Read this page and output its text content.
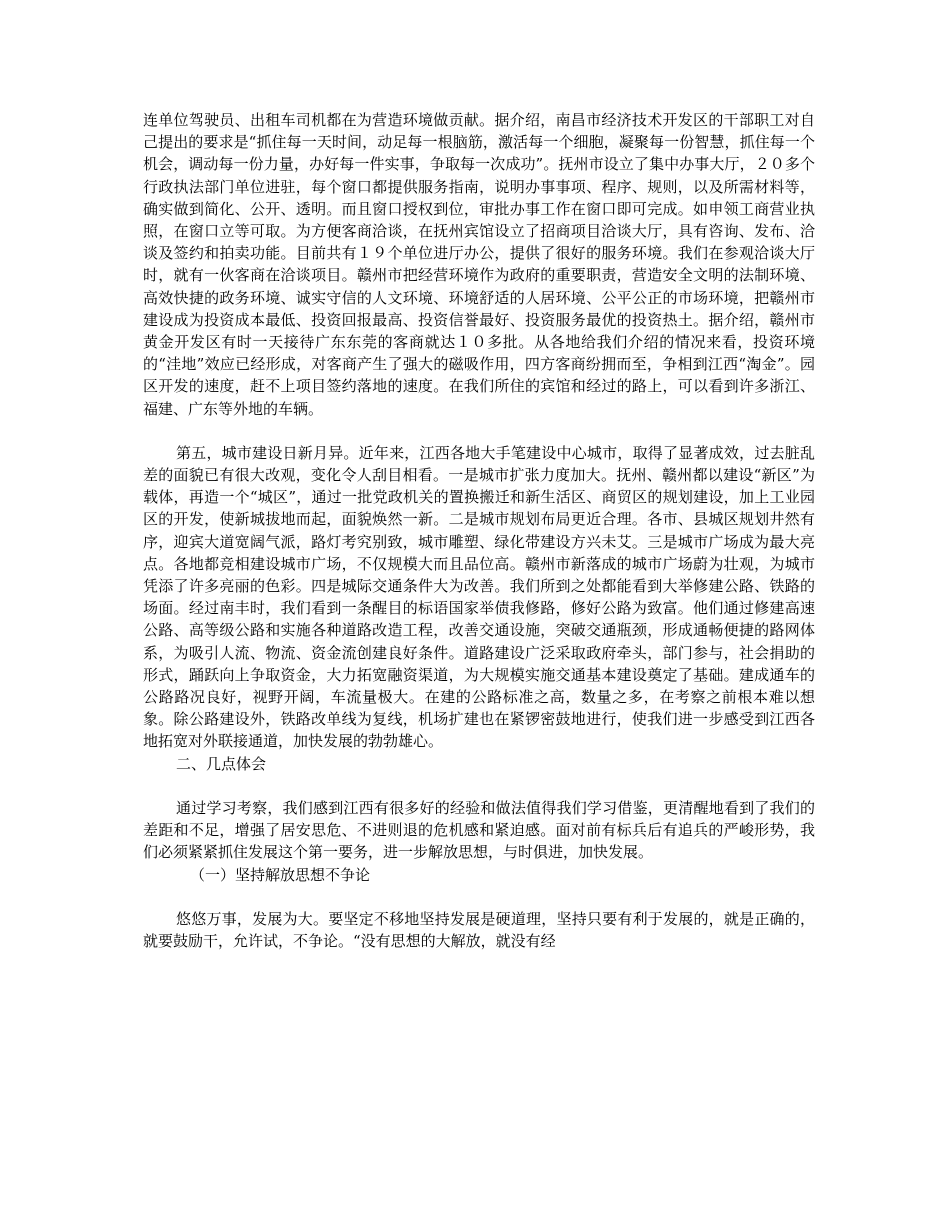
连单位驾驶员、出租车司机都在为营造环境做贡献。据介绍，南昌市经济技术开发区的干部职工对自己提出的要求是“抓住每一天时间，动足每一根脑筋，激活每一个细胞，凝聚每一份智慧，抓住每一个机会，调动每一份力量，办好每一件实事，争取每一次成功”。抚州市设立了集中办事大厅，２０多个行政执法部门单位进驻，每个窗口都提供服务指南，说明办事事项、程序、规则，以及所需材料等，确实做到简化、公开、透明。而且窗口授权到位，审批办事工作在窗口即可完成。如申领工商营业执照，在窗口立等可取。为方便客商洽谈，在抚州宾馆设立了招商项目洽谈大厅，具有咨询、发布、洽谈及签约和拍卖功能。目前共有１９个单位进厅办公，提供了很好的服务环境。我们在参观洽谈大厅时，就有一伙客商在洽谈项目。赣州市把经营环境作为政府的重要职责，营造安全文明的法制环境、高效快捷的政务环境、诚实守信的人文环境、环境舒适的人居环境、公平公正的市场环境，把赣州市建设成为投资成本最低、投资回报最高、投资信誉最好、投资服务最优的投资热土。据介绍，赣州市黄金开发区有时一天接待广东东莞的客商就达１０多批。从各地给我们介绍的情况来看，投资环境的“洼地”效应已经形成，对客商产生了强大的磁吸作用，四方客商纷拥而至，争相到江西“淘金”。园区开发的速度，赶不上项目签约落地的速度。在我们所住的宾馆和经过的路上，可以看到许多浙江、福建、广东等外地的车辆。

第五，城市建设日新月异。近年来，江西各地大手笔建设中心城市，取得了显著成效，过去脏乱差的面貌已有很大改观，变化令人刮目相看。一是城市扩张力度加大。抚州、赣州都以建设“新区”为载体，再造一个“城区”，通过一批党政机关的置换搬迁和新生活区、商贸区的规划建设，加上工业园区的开发，使新城拔地而起，面貌焕然一新。二是城市规划布局更近合理。各市、县城区规划井然有序，迎宾大道宽阔气派，路灯考究别致，城市雕塑、绿化带建设方兴未艾。三是城市广场成为最大亮点。各地都竞相建设城市广场，不仅规模大而且品位高。赣州市新落成的城市广场蔚为壮观，为城市凭添了许多亮丽的色彩。四是城际交通条件大为改善。我们所到之处都能看到大举修建公路、铁路的场面。经过南丰时，我们看到一条醒目的标语国家举债我修路，修好公路为致富。他们通过修建高速公路、高等级公路和实施各种道路改造工程，改善交通设施，突破交通瓶颈，形成通畅便捷的路网体系，为吸引人流、物流、资金流创建良好条件。道路建设广泛采取政府牵头，部门参与，社会捐助的形式，踊跃向上争取资金，大力拓宽融资渠道，为大规模实施交通基本建设奠定了基础。建成通车的公路路况良好，视野开阔，车流量极大。在建的公路标准之高，数量之多，在考察之前根本难以想象。除公路建设外，铁路改单线为复线，机场扩建也在紧锣密鼓地进行，使我们进一步感受到江西各地拓宽对外联接通道，加快发展的勃勃雄心。

二、几点体会

通过学习考察，我们感到江西有很多好的经验和做法值得我们学习借鉴，更清醒地看到了我们的差距和不足，增强了居安思危、不进则退的危机感和紧迫感。面对前有标兵后有追兵的严峻形势，我们必须紧紧抓住发展这个第一要务，进一步解放思想，与时俱进，加快发展。

（一）坚持解放思想不争论

悠悠万事，发展为大。要坚定不移地坚持发展是硬道理，坚持只要有利于发展的，就是正确的，就要鼓励干，允许试，不争论。“没有思想的大解放，就没有经
